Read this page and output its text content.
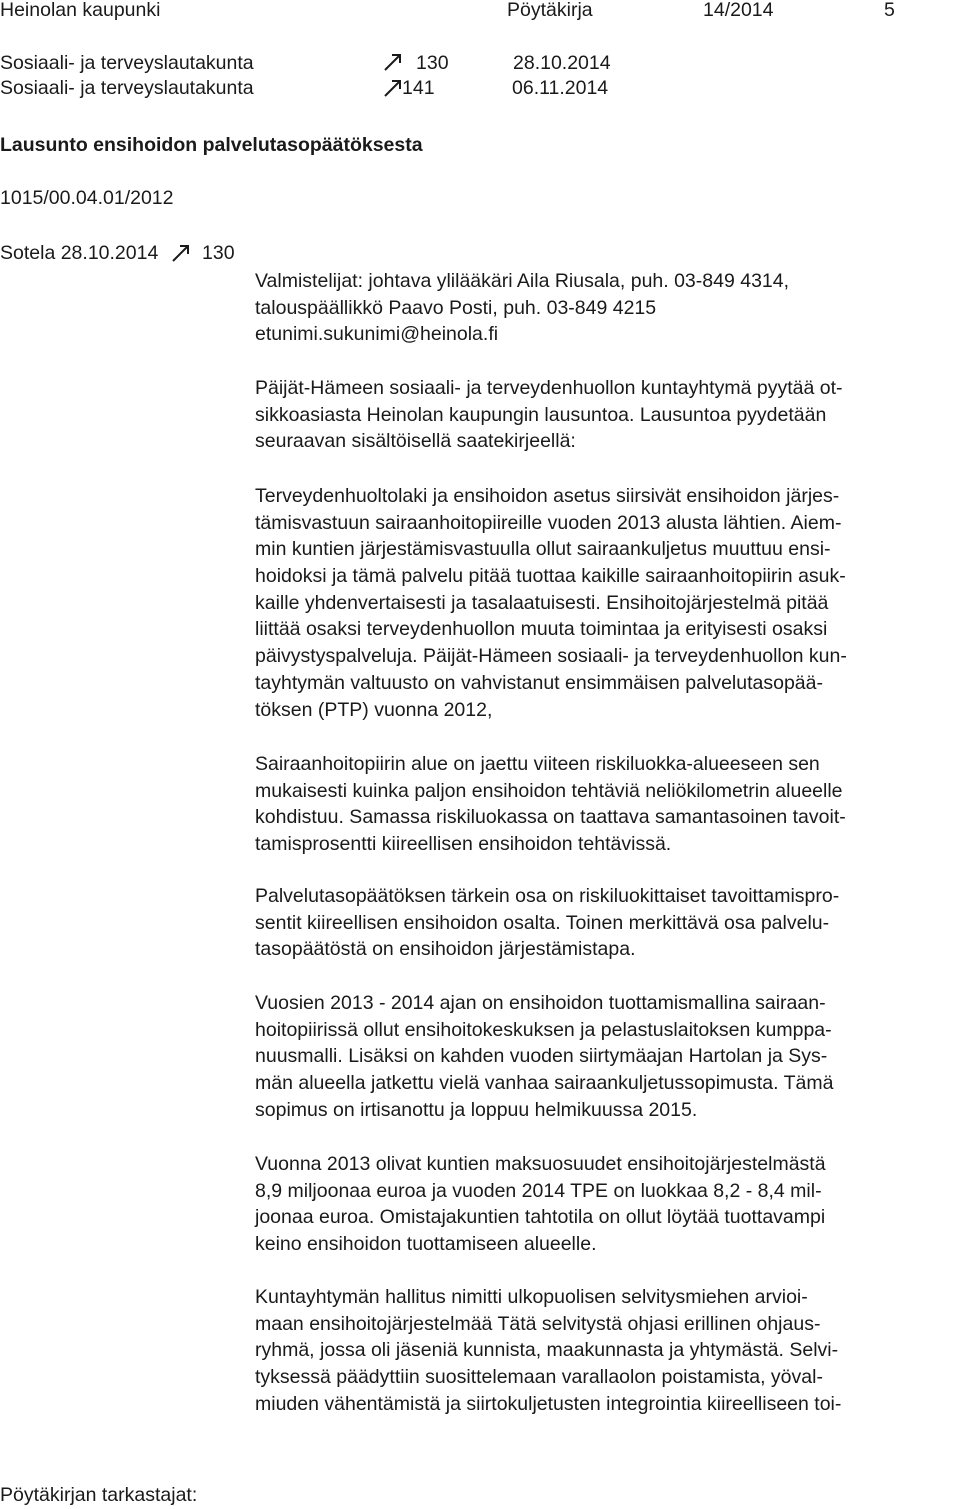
Heinolan kaupunki	Pöytäkirja	14/2014	5
Sosiaali- ja terveyslautakunta	130	28.10.2014
Sosiaali- ja terveyslautakunta	141	06.11.2014
Lausunto ensihoidon palvelutasopäätöksesta
1015/00.04.01/2012
Sotela 28.10.2014 130
Valmistelijat: johtava ylilääkäri Aila Riusala, puh. 03-849 4314,
talouspäällikkö Paavo Posti, puh. 03-849 4215
etunimi.sukunimi@heinola.fi
Päijät-Hämeen sosiaali- ja terveydenhuollon kuntayhtymä pyytää ot-
sikkoasiasta Heinolan kaupungin lausuntoa. Lausuntoa pyydetään
seuraavan sisältöisellä saatekirjeellä:
Terveydenhuoltolaki ja ensihoidon asetus siirsivät ensihoidon järjes-
tämisvastuun sairaanhoitopiireille vuoden 2013 alusta lähtien. Aiem-
min kuntien järjestämisvastuulla ollut sairaankuljetus muuttuu ensi-
hoidoksi ja tämä palvelu pitää tuottaa kaikille sairaanhoitopiirin asuk-
kaille yhdenvertaisesti ja tasalaatuisesti. Ensihoitojärjestelmä pitää
liittää osaksi terveydenhuollon muuta toimintaa ja erityisesti osaksi
päivystyspalveluja. Päijät-Hämeen sosiaali- ja terveydenhuollon kun-
tayhtymän valtuusto on vahvistanut ensimmäisen palvelutasopää-
töksen (PTP) vuonna 2012,
Sairaanhoitopiirin alue on jaettu viiteen riskiluokka-alueeseen sen
mukaisesti kuinka paljon ensihoidon tehtäviä neliökilometrin alueelle
kohdistuu. Samassa riskiluokassa on taattava samantasoinen tavoit-
tamisprosentti kiireellisen ensihoidon tehtävissä.
Palvelutasopäätöksen tärkein osa on riskiluokittaiset tavoittamispro-
sentit kiireellisen ensihoidon osalta. Toinen merkittävä osa palvelu-
tasopäätöstä on ensihoidon järjestämistapa.
Vuosien 2013 - 2014 ajan on ensihoidon tuottamismallina sairaan-
hoitopiirissä ollut ensihoitokeskuksen ja pelastuslaitoksen kumppa-
nuusmalli. Lisäksi on kahden vuoden siirtymäajan Hartolan ja Sys-
män alueella jatkettu vielä vanhaa sairaankuljetussopimusta. Tämä
sopimus on irtisanottu ja loppuu helmikuussa 2015.
Vuonna 2013 olivat kuntien maksuosuudet ensihoitojärjestelmästä
8,9 miljoonaa euroa ja vuoden 2014 TPE on luokkaa 8,2 - 8,4 mil-
joonaa euroa. Omistajakuntien tahtotila on ollut löytää tuottavampi
keino ensihoidon tuottamiseen alueelle.
Kuntayhtymän hallitus nimitti ulkopuolisen selvitysmiehen arvioi-
maan ensihoitojärjestelmää Tätä selvitystä ohjasi erillinen ohjaus-
ryhmä, jossa oli jäseniä kunnista, maakunnasta ja yhtymästä. Selvi-
tyksessä päädyttiin suosittelemaan varallaolon poistamista, yöval-
miuden vähentämistä ja siirtokuljetusten integrointia kiireelliseen toi-
Pöytäkirjan tarkastajat:
